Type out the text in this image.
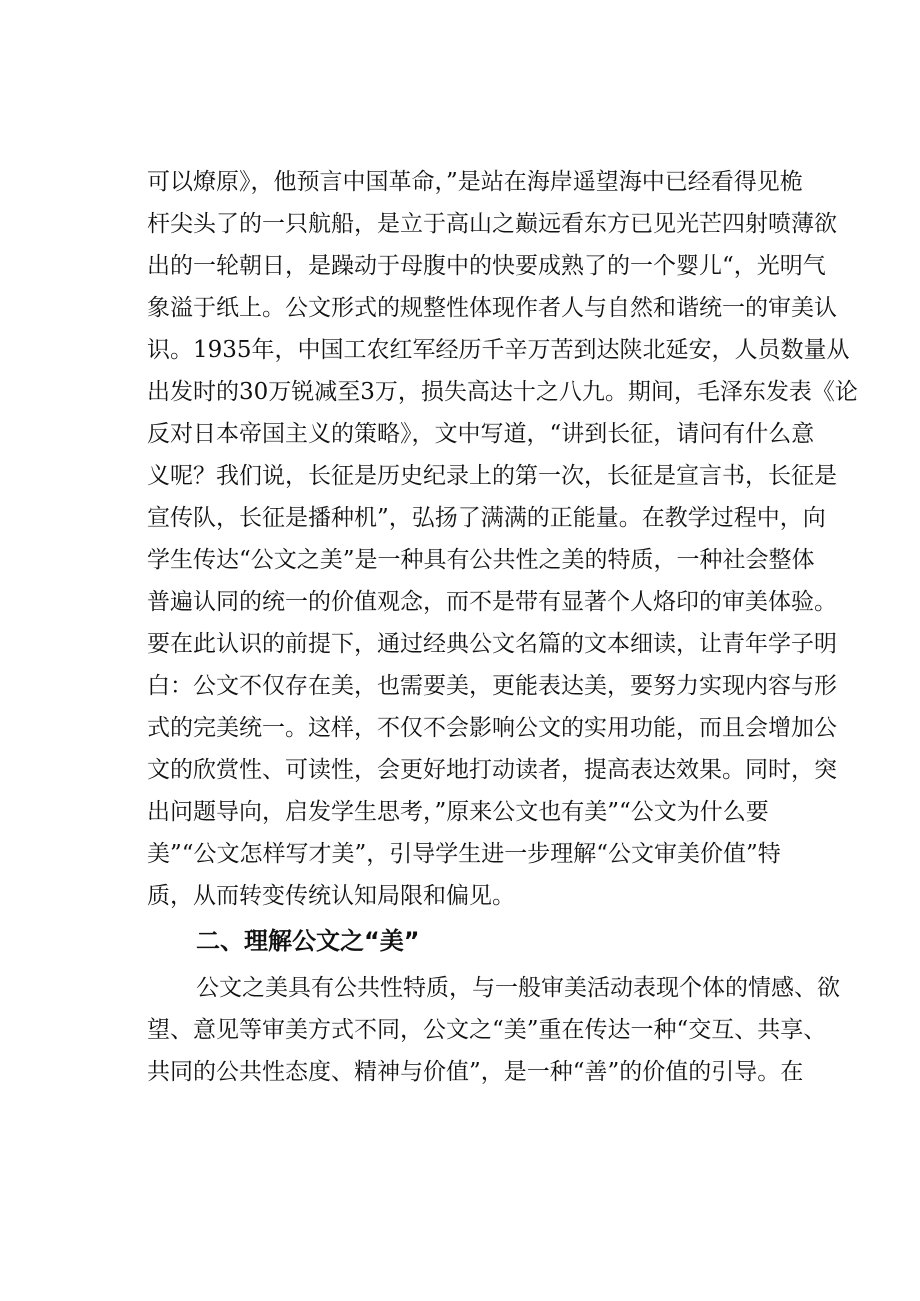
可以燎原》，他预言中国革命，”是站在海岸遥望海中已经看得见桅
杆尖头了的一只航船，是立于高山之巅远看东方已见光芒四射喷薄欲
出的一轮朝日，是躁动于母腹中的快要成熟了的一个婴儿“，光明气
象溢于纸上。公文形式的规整性体现作者人与自然和谐统一的审美认
识。1935年，中国工农红军经历千辛万苦到达陕北延安，人员数量从
出发时的30万锐减至3万，损失高达十之八九。期间，毛泽东发表《论
反对日本帝国主义的策略》，文中写道，“讲到长征，请问有什么意
义呢？我们说，长征是历史纪录上的第一次，长征是宣言书，长征是
宣传队，长征是播种机”，弘扬了满满的正能量。在教学过程中，向
学生传达“公文之美”是一种具有公共性之美的特质，一种社会整体
普遍认同的统一的价值观念，而不是带有显著个人烙印的审美体验。
要在此认识的前提下，通过经典公文名篇的文本细读，让青年学子明
白：公文不仅存在美，也需要美，更能表达美，要努力实现内容与形
式的完美统一。这样，不仅不会影响公文的实用功能，而且会增加公
文的欣赏性、可读性，会更好地打动读者，提高表达效果。同时，突
出问题导向，启发学生思考，”原来公文也有美”“公文为什么要
美”“公文怎样写才美”，引导学生进一步理解“公文审美价值”特
质，从而转变传统认知局限和偏见。
二、理解公文之“美”
公文之美具有公共性特质，与一般审美活动表现个体的情感、欲
望、意见等审美方式不同，公文之“美”重在传达一种“交互、共享、
共同的公共性态度、精神与价值”，是一种“善”的价值的引导。在
